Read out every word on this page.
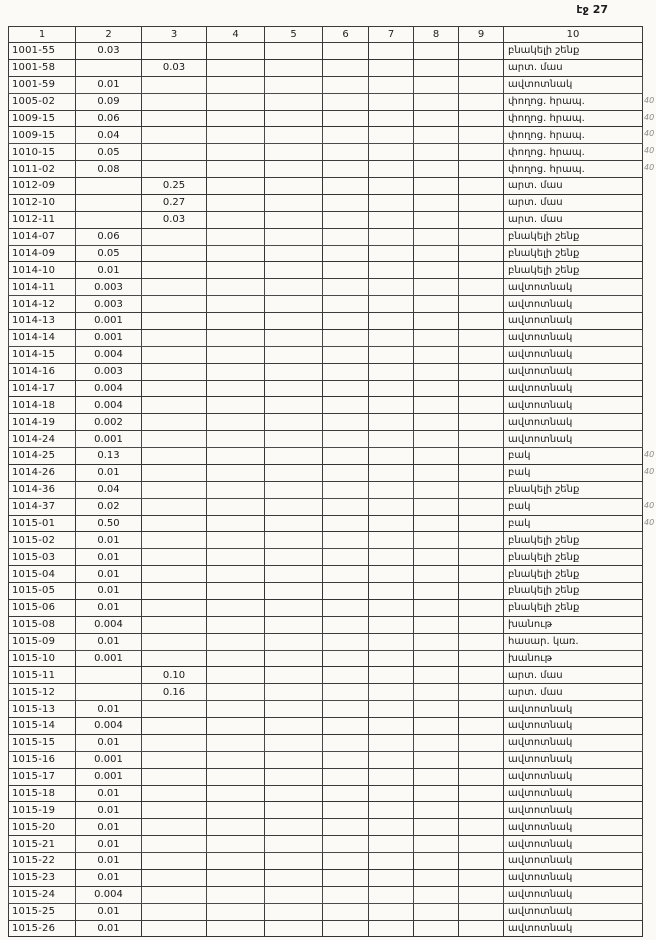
էջ 27
1	2	3	4	5	6	7	8	9	10
1001-55	0.03								բնակելի շենք
1001-58		0.03							արտ. մաս
1001-59	0.01								ավտոտնակ
1005-02	0.09								փողոց. հրապ.
1009-15	0.06								փողոց. հրապ.
1009-15	0.04								փողոց. հրապ.
1010-15	0.05								փողոց. հրապ.
1011-02	0.08								փողոց. հրապ.
1012-09		0.25							արտ. մաս
1012-10		0.27							արտ. մաս
1012-11		0.03							արտ. մաս
1014-07	0.06								բնակելի շենք
1014-09	0.05								բնակելի շենք
1014-10	0.01								բնակելի շենք
1014-11	0.003								ավտոտնակ
1014-12	0.003								ավտոտնակ
1014-13	0.001								ավտոտնակ
1014-14	0.001								ավտոտնակ
1014-15	0.004								ավտոտնակ
1014-16	0.003								ավտոտնակ
1014-17	0.004								ավտոտնակ
1014-18	0.004								ավտոտնակ
1014-19	0.002								ավտոտնակ
1014-24	0.001								ավտոտնակ
1014-25	0.13								բակ
1014-26	0.01								բակ
1014-36	0.04								բնակելի շենք
1014-37	0.02								բակ
1015-01	0.50								բակ
1015-02	0.01								բնակելի շենք
1015-03	0.01								բնակելի շենք
1015-04	0.01								բնակելի շենք
1015-05	0.01								բնակելի շենք
1015-06	0.01								բնակելի շենք
1015-08	0.004								խանութ
1015-09	0.01								հասար. կառ.
1015-10	0.001								խանութ
1015-11		0.10							արտ. մաս
1015-12		0.16							արտ. մաս
1015-13	0.01								ավտոտնակ
1015-14	0.004								ավտոտնակ
1015-15	0.01								ավտոտնակ
1015-16	0.001								ավտոտնակ
1015-17	0.001								ավտոտնակ
1015-18	0.01								ավտոտնակ
1015-19	0.01								ավտոտնակ
1015-20	0.01								ավտոտնակ
1015-21	0.01								ավտոտնակ
1015-22	0.01								ավտոտնակ
1015-23	0.01								ավտոտնակ
1015-24	0.004								ավտոտնակ
1015-25	0.01								ավտոտնակ
1015-26	0.01								ավտոտնակ
40
40
40
40
40
40
40
40
40
